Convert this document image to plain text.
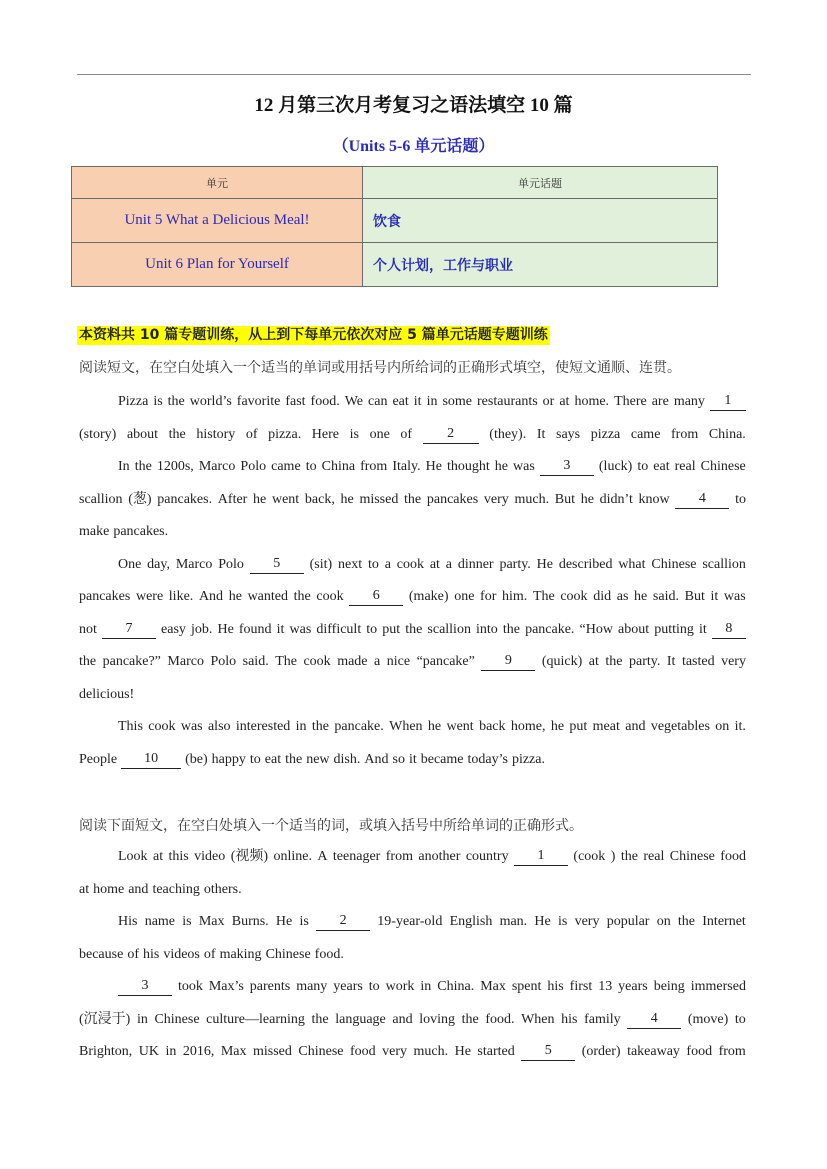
12 月第三次月考复习之语法填空 10 篇
（Units 5-6 单元话题）
单元	单元话题
Unit 5 What a Delicious Meal!	饮食
Unit 6 Plan for Yourself	个人计划，工作与职业
本资料共 10 篇专题训练，从上到下每单元依次对应 5 篇单元话题专题训练
阅读短文，在空白处填入一个适当的单词或用括号内所给词的正确形式填空，使短文通顺、连贯。
Pizza is the world’s favorite fast food. We can eat it in some restaurants or at home. There are many	1
(story) about the history of pizza. Here is one of	2	(they). It says pizza came from China.
In the 1200s, Marco Polo came to China from Italy. He thought he was	3	(luck) to eat real Chinese
scallion (葱) pancakes. After he went back, he missed the pancakes very much. But he didn’t know	4	to
make pancakes.
One day, Marco Polo	5	(sit) next to a cook at a dinner party. He described what Chinese scallion
pancakes were like. And he wanted the cook	6	(make) one for him. The cook did as he said. But it was
not	7	easy job. He found it was difficult to put the scallion into the pancake. “How about putting it	8
the pancake?” Marco Polo said. The cook made a nice “pancake”	9	(quick) at the party. It tasted very
delicious!
This cook was also interested in the pancake. When he went back home, he put meat and vegetables on it.
People	10	(be) happy to eat the new dish. And so it became today’s pizza.
阅读下面短文，在空白处填入一个适当的词，或填入括号中所给单词的正确形式。
Look at this video (视频) online. A teenager from another country	1	(cook ) the real Chinese food
at home and teaching others.
His name is Max Burns. He is	2	19-year-old English man. He is very popular on the Internet
because of his videos of making Chinese food.
3	took Max’s parents many years to work in China. Max spent his first 13 years being immersed
(沉浸于) in Chinese culture—learning the language and loving the food. When his family	4	(move) to
Brighton, UK in 2016, Max missed Chinese food very much. He started	5	(order) takeaway food from
